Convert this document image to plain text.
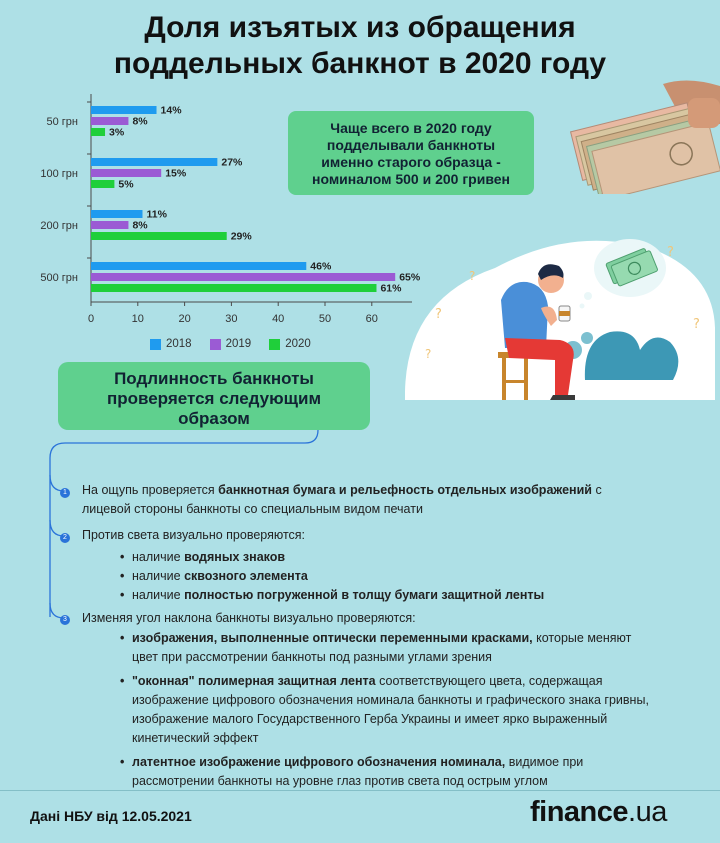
Доля изъятых из обращения
поддельных банкнот в 2020 году
50 грн
14%
8%
3%
100 грн
27%
15%
5%
200 грн
11%
8%
29%
500 грн
46%
65%
61%
0	10	20	30	40	50	60
2018	2019	2020
Чаще всего в 2020 году
подделывали банкноты
именно старого образца -
номиналом 500 и 200 гривен
?
?
?
?
?
Подлинность банкноты
проверяется следующим
образом
1
2
3
На ощупь проверяется банкнотная бумага и рельефность отдельных изображений с
лицевой стороны банкноты со специальным видом печати
Против света визуально проверяются:
• наличие водяных знаков
• наличие сквозного элемента
• наличие полностью погруженной в толщу бумаги защитной ленты
Изменяя угол наклона банкноты визуально проверяются:
• изображения, выполненные оптически переменными красками, которые меняют
цвет при рассмотрении банкноты под разными углами зрения
• "оконная" полимерная защитная лента соответствующего цвета, содержащая
изображение цифрового обозначения номинала банкноты и графического знака гривны,
изображение малого Государственного Герба Украины и имеет ярко выраженный
кинетический эффект
• латентное изображение цифрового обозначения номинала, видимое при
рассмотрении банкноты на уровне глаз против света под острым углом
Дані НБУ від 12.05.2021	finance.ua
